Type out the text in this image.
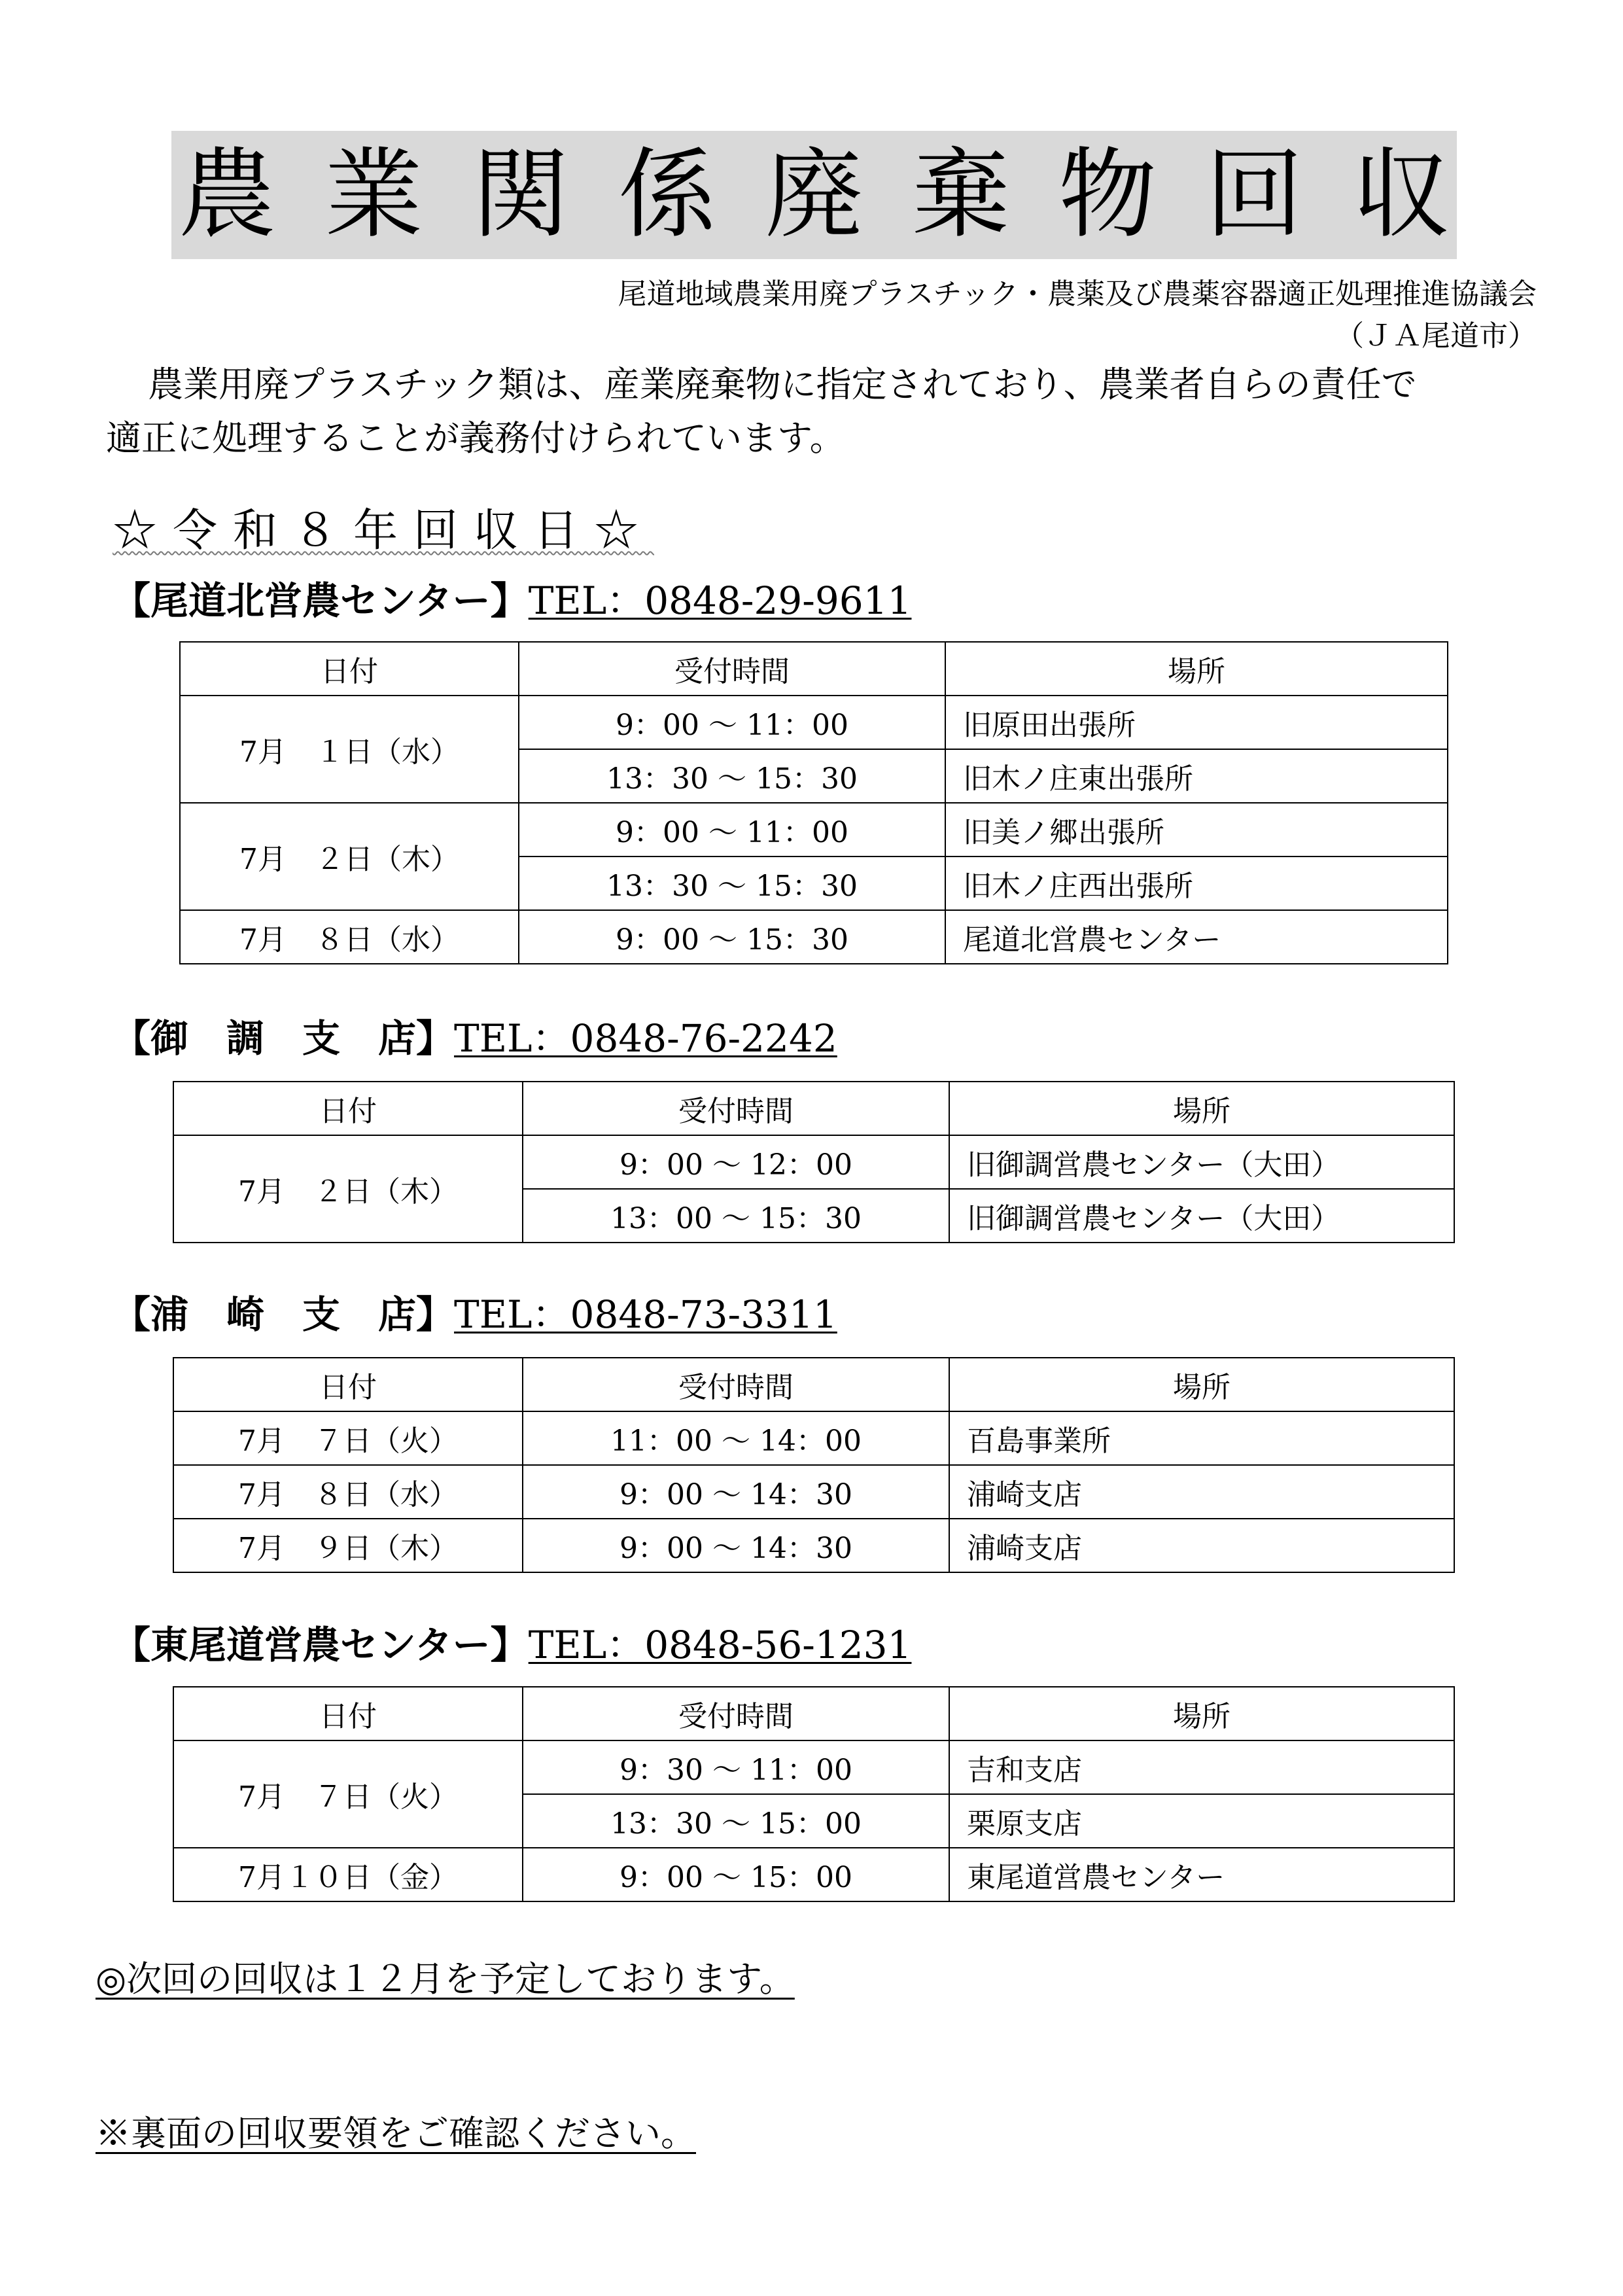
農 業 関 係 廃 棄 物 回 収
尾道地域農業用廃プラスチック・農薬及び農薬容器適正処理推進協議会
（ＪＡ尾道市）
農業用廃プラスチック類は、産業廃棄物に指定されており、農業者自らの責任で
適正に処理することが義務付けられています。
☆令和８年回収日☆
【尾道北営農センター】TEL：0848-29-9611
日付	受付時間	場所
7月　１日（水）	9：00 〜 11：00	旧原田出張所
	13：30 〜 15：30	旧木ノ庄東出張所
7月　２日（木）	9：00 〜 11：00	旧美ノ郷出張所
	13：30 〜 15：30	旧木ノ庄西出張所
7月　８日（水）	9：00 〜 15：30	尾道北営農センター
【御　調　支　店】TEL：0848-76-2242
日付	受付時間	場所
7月　２日（木）	9：00 〜 12：00	旧御調営農センター（大田）
	13：00 〜 15：30	旧御調営農センター（大田）
【浦　崎　支　店】TEL：0848-73-3311
日付	受付時間	場所
7月　７日（火）	11：00 〜 14：00	百島事業所
7月　８日（水）	9：00 〜 14：30	浦崎支店
7月　９日（木）	9：00 〜 14：30	浦崎支店
【東尾道営農センター】TEL：0848-56-1231
日付	受付時間	場所
7月　７日（火）	9：30 〜 11：00	吉和支店
	13：30 〜 15：00	栗原支店
7月１０日（金）	9：00 〜 15：00	東尾道営農センター
◎次回の回収は１２月を予定しております。
※裏面の回収要領をご確認ください。
